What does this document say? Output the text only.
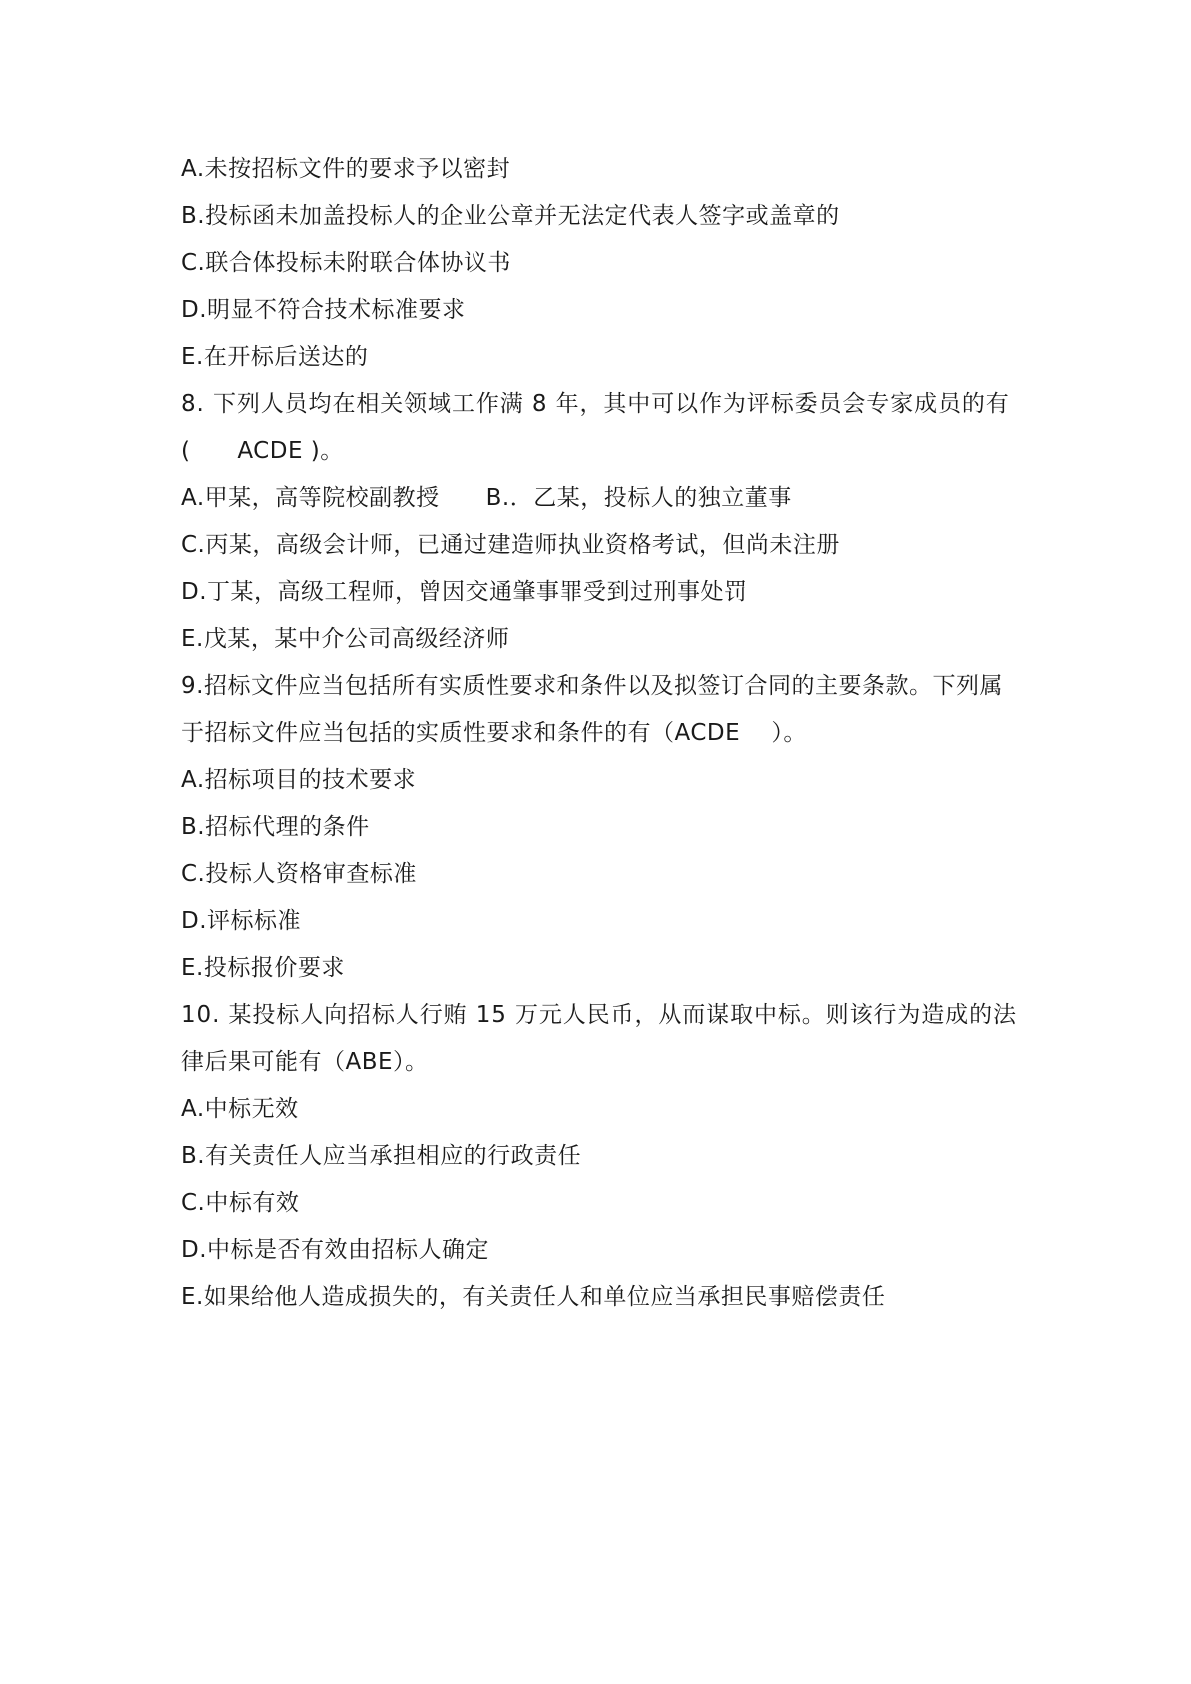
A.未按招标文件的要求予以密封
B.投标函未加盖投标人的企业公章并无法定代表人签字或盖章的
C.联合体投标未附联合体协议书
D.明显不符合技术标准要求
E.在开标后送达的
8. 下列人员均在相关领域工作满 8 年，其中可以作为评标委员会专家成员的有
(      ACDE )。
A.甲某，高等院校副教授 B.．乙某，投标人的独立董事
C.丙某，高级会计师，已通过建造师执业资格考试，但尚未注册
D.丁某，高级工程师，曾因交通肇事罪受到过刑事处罚
E.戊某，某中介公司高级经济师
9.招标文件应当包括所有实质性要求和条件以及拟签订合同的主要条款。下列属
于招标文件应当包括的实质性要求和条件的有（ACDE    ）。
A.招标项目的技术要求
B.招标代理的条件
C.投标人资格审查标准
D.评标标准
E.投标报价要求
10. 某投标人向招标人行贿 15 万元人民币，从而谋取中标。则该行为造成的法
律后果可能有（ABE）。
A.中标无效
B.有关责任人应当承担相应的行政责任
C.中标有效
D.中标是否有效由招标人确定
E.如果给他人造成损失的，有关责任人和单位应当承担民事赔偿责任
